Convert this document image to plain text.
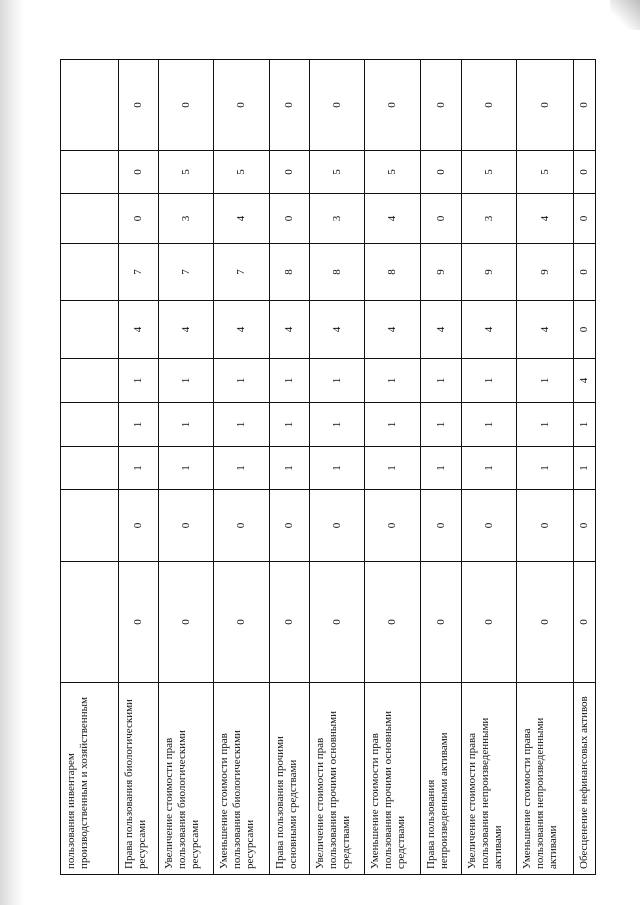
пользования инвентарем производственным и хозяйственным										
Права пользования биологическими ресурсами	0	0	1	1	1	4	7	0	0	0
Увеличение стоимости прав пользования биологическими ресурсами	0	0	1	1	1	4	7	3	5	0
Уменьшение стоимости прав пользования биологическими ресурсами	0	0	1	1	1	4	7	4	5	0
Права пользования прочими основными средствами	0	0	1	1	1	4	8	0	0	0
Увеличение стоимости прав пользования прочими основными средствами	0	0	1	1	1	4	8	3	5	0
Уменьшение стоимости прав пользования прочими основными средствами	0	0	1	1	1	4	8	4	5	0
Права пользования непроизведенными активами	0	0	1	1	1	4	9	0	0	0
Увеличение стоимости права пользования непроизведенными активами	0	0	1	1	1	4	9	3	5	0
Уменьшение стоимости права пользования непроизведенными активами	0	0	1	1	1	4	9	4	5	0
Обесценение нефинансовых активов	0	0	1	1	4	0	0	0	0	0
